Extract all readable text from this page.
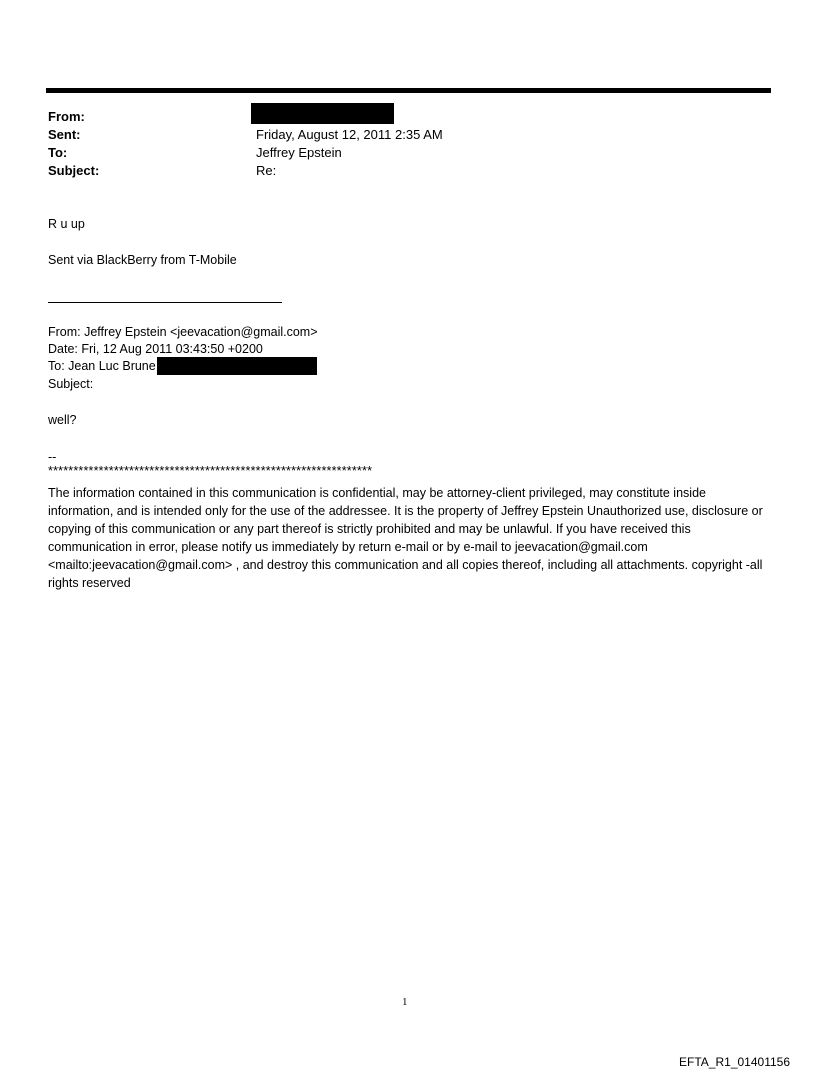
From:
Sent:	Friday, August 12, 2011 2:35 AM
To:	Jeffrey Epstein
Subject:	Re:
R u up
Sent via BlackBerry from T-Mobile
From: Jeffrey Epstein <jeevacation@gmail.com>
Date: Fri, 12 Aug 2011 03:43:50 +0200
To: Jean Luc Brune
Subject:
well?
--
****************************************************************
The information contained in this communication is confidential, may be attorney-client privileged, may constitute inside information, and is intended only for the use of the addressee. It is the property of Jeffrey Epstein Unauthorized use, disclosure or copying of this communication or any part thereof is strictly prohibited and may be unlawful. If you have received this communication in error, please notify us immediately by return e-mail or by e-mail to jeevacation@gmail.com <mailto:jeevacation@gmail.com> , and destroy this communication and all copies thereof, including all attachments. copyright -all rights reserved
1
EFTA_R1_01401156
